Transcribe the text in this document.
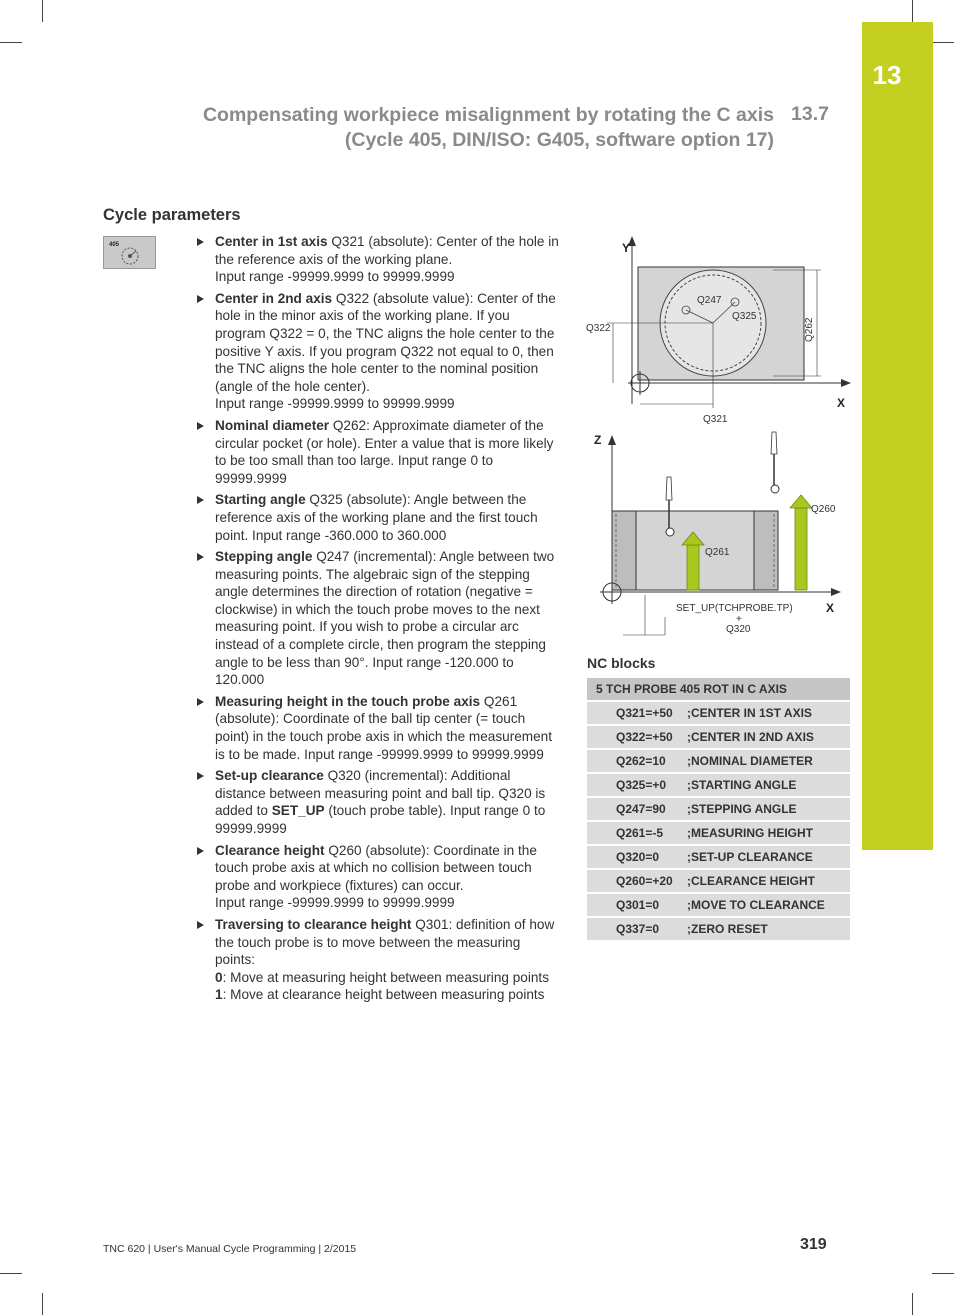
13
Compensating workpiece misalignment by rotating the C axis
(Cycle 405, DIN/ISO: G405, software option 17)
13.7
Cycle parameters
405	Center in 1st axis Q321 (absolute): Center of the hole in the reference axis of the working plane.
Input range -99999.9999 to 99999.9999
Center in 2nd axis Q322 (absolute value): Center of the hole in the minor axis of the working plane. If you program Q322 = 0, the TNC aligns the hole center to the positive Y axis. If you program Q322 not equal to 0, then the TNC aligns the hole center to the nominal position (angle of the hole center).
Input range -99999.9999 to 99999.9999
Nominal diameter Q262: Approximate diameter of the circular pocket (or hole). Enter a value that is more likely to be too small than too large. Input range 0 to 99999.9999
Starting angle Q325 (absolute): Angle between the reference axis of the working plane and the first touch point. Input range -360.000 to 360.000
Stepping angle Q247 (incremental): Angle between two measuring points. The algebraic sign of the stepping angle determines the direction of rotation (negative = clockwise) in which the touch probe moves to the next measuring point. If you wish to probe a circular arc instead of a complete circle, then program the stepping angle to be less than 90°. Input range -120.000 to 120.000
Measuring height in the touch probe axis Q261 (absolute): Coordinate of the ball tip center (= touch point) in the touch probe axis in which the measurement is to be made. Input range -99999.9999 to 99999.9999
Set-up clearance Q320 (incremental): Additional distance between measuring point and ball tip. Q320 is added to SET_UP (touch probe table). Input range 0 to 99999.9999
Clearance height Q260 (absolute): Coordinate in the touch probe axis at which no collision between touch probe and workpiece (fixtures) can occur.
Input range -99999.9999 to 99999.9999
Traversing to clearance height Q301: definition of how the touch probe is to move between the measuring points:
0: Move at measuring height between measuring points
1: Move at clearance height between measuring points
Y
X
Q247
Q325
Q322
Q321
Q262
Z
X
Q261
Q260
SET_UP(TCHPROBE.TP)
+
Q320
NC blocks
5 TCH PROBE 405 ROT IN C AXIS	
Q321=+50	;CENTER IN 1ST AXIS
Q322=+50	;CENTER IN 2ND AXIS
Q262=10	;NOMINAL DIAMETER
Q325=+0	;STARTING ANGLE
Q247=90	;STEPPING ANGLE
Q261=-5	;MEASURING HEIGHT
Q320=0	;SET-UP CLEARANCE
Q260=+20	;CLEARANCE HEIGHT
Q301=0	;MOVE TO CLEARANCE
Q337=0	;ZERO RESET
TNC 620 | User's Manual Cycle Programming | 2/2015	319
